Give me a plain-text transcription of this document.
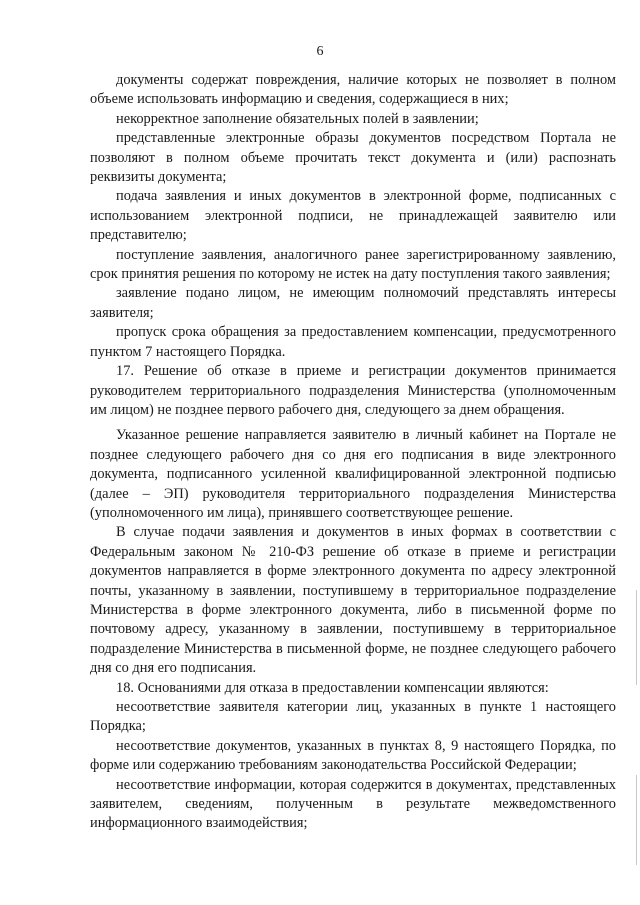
6

документы содержат повреждения, наличие которых не позволяет в полном объеме использовать информацию и сведения, содержащиеся в них;

некорректное заполнение обязательных полей в заявлении;

представленные электронные образы документов посредством Портала не позволяют в полном объеме прочитать текст документа и (или) распознать реквизиты документа;

подача заявления и иных документов в электронной форме, подписанных с использованием электронной подписи, не принадлежащей заявителю или представителю;

поступление заявления, аналогичного ранее зарегистрированному заявлению, срок принятия решения по которому не истек на дату поступления такого заявления;

заявление подано лицом, не имеющим полномочий представлять интересы заявителя;

пропуск срока обращения за предоставлением компенсации, предусмотренного пунктом 7 настоящего Порядка.

17. Решение об отказе в приеме и регистрации документов принимается руководителем территориального подразделения Министерства (уполномоченным им лицом) не позднее первого рабочего дня, следующего за днем обращения.

Указанное решение направляется заявителю в личный кабинет на Портале не позднее следующего рабочего дня со дня его подписания в виде электронного документа, подписанного усиленной квалифицированной электронной подписью (далее – ЭП) руководителя территориального подразделения Министерства (уполномоченного им лица), принявшего соответствующее решение.

В случае подачи заявления и документов в иных формах в соответствии с Федеральным законом № 210-ФЗ решение об отказе в приеме и регистрации документов направляется в форме электронного документа по адресу электронной почты, указанному в заявлении, поступившему в территориальное подразделение Министерства в форме электронного документа, либо в письменной форме по почтовому адресу, указанному в заявлении, поступившему в территориальное подразделение Министерства в письменной форме, не позднее следующего рабочего дня со дня его подписания.

18. Основаниями для отказа в предоставлении компенсации являются:

несоответствие заявителя категории лиц, указанных в пункте 1 настоящего Порядка;

несоответствие документов, указанных в пунктах 8, 9 настоящего Порядка, по форме или содержанию требованиям законодательства Российской Федерации;

несоответствие информации, которая содержится в документах, представленных заявителем, сведениям, полученным в результате межведомственного информационного взаимодействия;
